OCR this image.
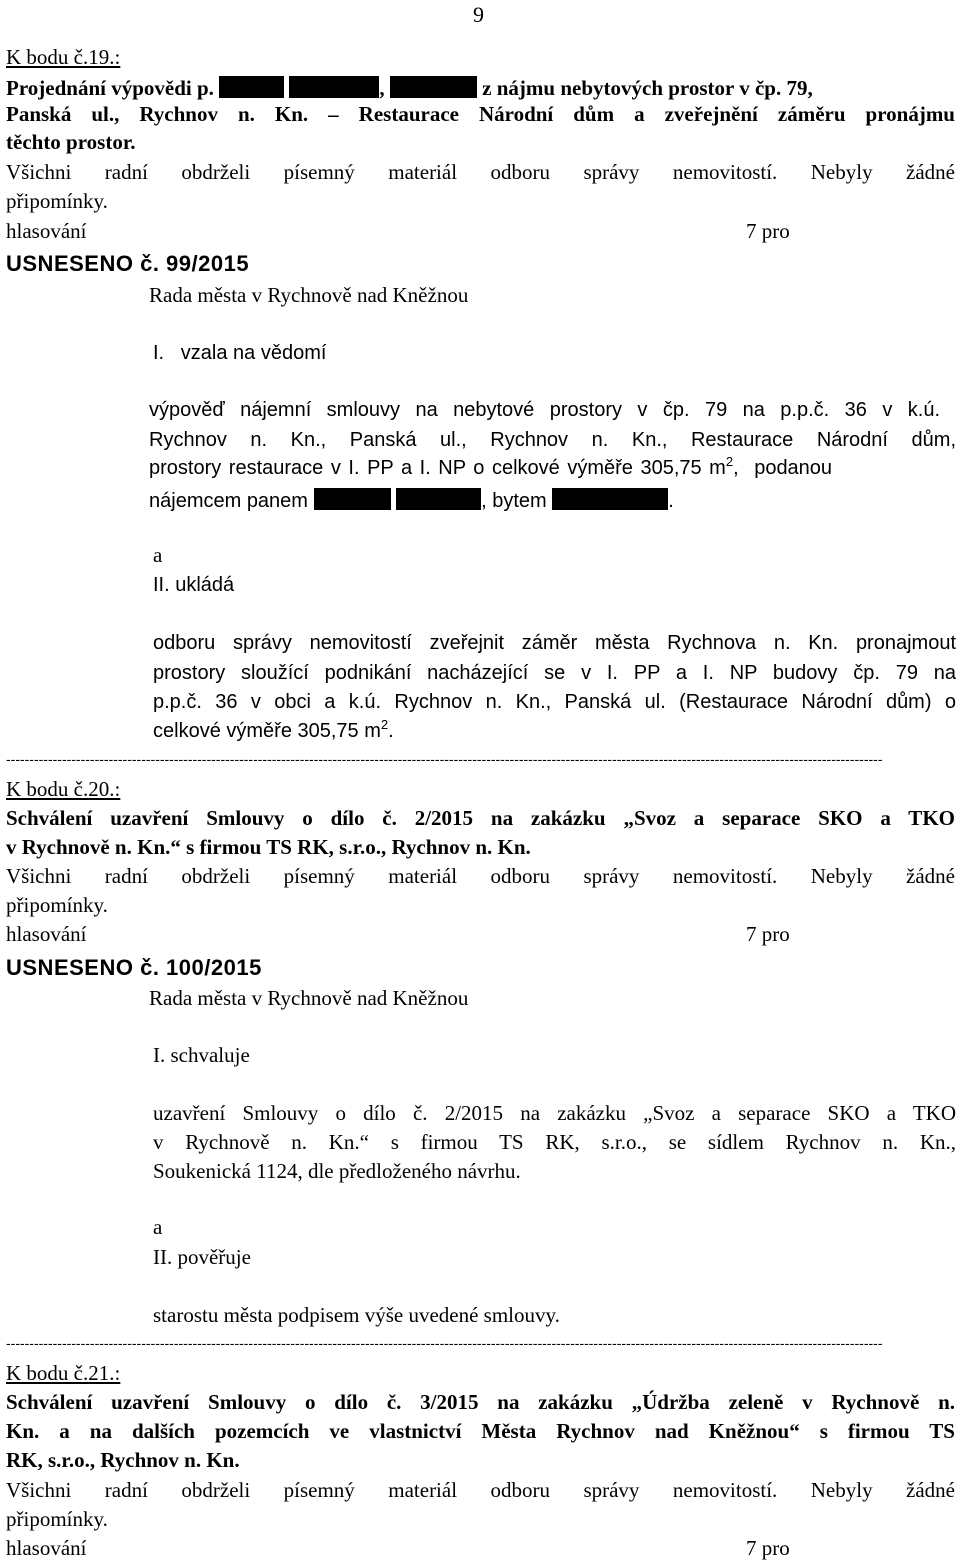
9
K bodu č.19.:
Projednání výpovědi p.	,	z nájmu nebytových prostor v čp. 79,
Panská ul., Rychnov n. Kn. – Restaurace Národní dům a zveřejnění záměru pronájmu
těchto prostor.
Všichni radní obdrželi písemný materiál odboru správy nemovitostí. Nebyly žádné
připomínky.
hlasování	7 pro
USNESENO č. 99/2015
Rada města v Rychnově nad Kněžnou
I.   vzala na vědomí
výpověď nájemní smlouvy na nebytové prostory v čp. 79 na p.p.č. 36 v k.ú.
Rychnov n. Kn., Panská ul., Rychnov n. Kn., Restaurace Národní dům,
prostory restaurace v I. PP a I. NP o celkové výměře 305,75 $m^2$, podanou
nájemcem panem	, bytem	.
a
II. ukládá
odboru správy nemovitostí zveřejnit záměr města Rychnova n. Kn. pronajmout
prostory sloužící podnikání nacházející se v I. PP a I. NP budovy čp. 79 na
p.p.č. 36 v obci a k.ú. Rychnov n. Kn., Panská ul. (Restaurace Národní dům) o
celkové výměře 305,75 $m^2$.
--------------------------------------------------------------------------------------------------------------------------------------------------------------------------------------------
K bodu č.20.:
Schválení uzavření Smlouvy o dílo č. 2/2015 na zakázku „Svoz a separace SKO a TKO
v Rychnově n. Kn.“ s firmou TS RK, s.r.o., Rychnov n. Kn.
Všichni radní obdrželi písemný materiál odboru správy nemovitostí. Nebyly žádné
připomínky.
hlasování	7 pro
USNESENO č. 100/2015
Rada města v Rychnově nad Kněžnou
I. schvaluje
uzavření Smlouvy o dílo č. 2/2015 na zakázku „Svoz a separace SKO a TKO
v Rychnově n. Kn.“ s firmou TS RK, s.r.o., se sídlem Rychnov n. Kn.,
Soukenická 1124, dle předloženého návrhu.
a
II. pověřuje
starostu města podpisem výše uvedené smlouvy.
--------------------------------------------------------------------------------------------------------------------------------------------------------------------------------------------
K bodu č.21.:
Schválení uzavření Smlouvy o dílo č. 3/2015 na zakázku „Údržba zeleně v Rychnově n.
Kn. a na dalších pozemcích ve vlastnictví Města Rychnov nad Kněžnou“ s firmou TS
RK, s.r.o., Rychnov n. Kn.
Všichni radní obdrželi písemný materiál odboru správy nemovitostí. Nebyly žádné
připomínky.
hlasování	7 pro
